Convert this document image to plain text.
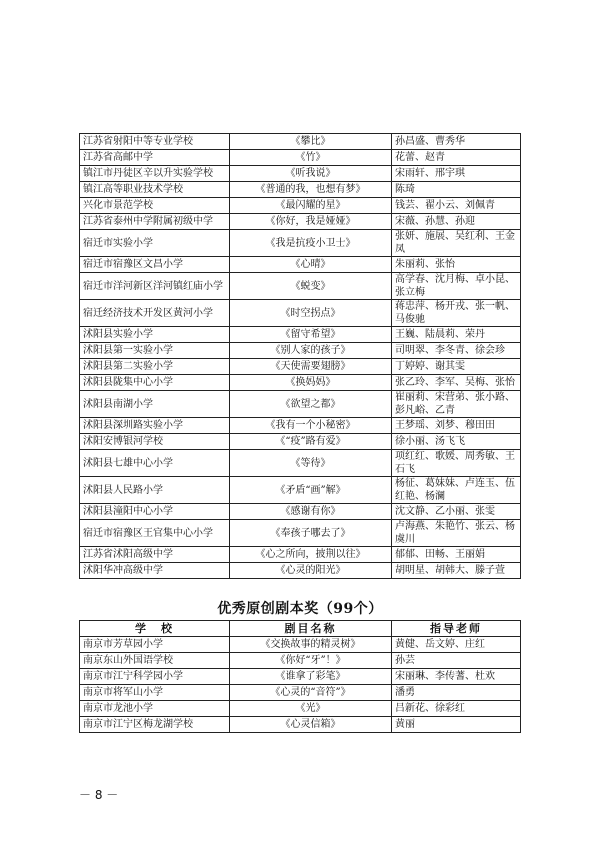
江苏省射阳中等专业学校	《攀比》	孙昌盛、曹秀华
江苏省高邮中学	《竹》	花蕾、赵青
镇江市丹徒区辛以升实验学校	《听我说》	宋雨轩、邢宇琪
镇江高等职业技术学校	《普通的我，也想有梦》	陈琦
兴化市景范学校	《最闪耀的星》	钱芸、翟小云、刘佩青
江苏省泰州中学附属初级中学	《你好，我是娅娅》	宋薇、孙慧、孙迎
宿迁市实验小学	《我是抗疫小卫士》	张妍、施展、吴红利、王金凤
宿迁市宿豫区文昌小学	《心晴》	朱丽莉、张怡
宿迁市洋河新区洋河镇红庙小学	《蜕变》	高学春、沈月梅、卓小昆、张立梅
宿迁经济技术开发区黄河小学	《时空拐点》	蒋忠萍、杨开戎、张一帆、马俊驰
沭阳县实验小学	《留守希望》	王巍、陆晨莉、荣丹
沭阳县第一实验小学	《别人家的孩子》	司明翠、李冬青、徐会珍
沭阳县第二实验小学	《天使需要翅膀》	丁婷婷、谢其雯
沭阳县陇集中心小学	《换妈妈》	张乙玲、李军、吴梅、张怡
沭阳县南湖小学	《欲望之都》	崔丽莉、宋营弟、张小路、彭凡峪、乙青
沭阳县深圳路实验小学	《我有一个小秘密》	王梦瑶、刘梦、穆田田
沭阳安博银河学校	《“疫”路有爱》	徐小丽、汤飞飞
沭阳县七雄中心小学	《等待》	项红红、歌媛、周秀敏、王石飞
沭阳县人民路小学	《矛盾“画”解》	杨征、葛妹妹、卢连玉、伍红艳、杨澜
沭阳县潼阳中心小学	《感谢有你》	沈文静、乙小丽、张雯
宿迁市宿豫区王官集中心小学	《奉孩子哪去了》	卢海燕、朱艳竹、张云、杨虞川
江苏省沭阳高级中学	《心之所向，披荆以往》	郁郁、田畅、王丽娟
沭阳华冲高级中学	《心灵的阳光》	胡明星、胡韩大、滕子萱
优秀原创剧本奖（99个）
学　校	剧目名称	指导老师
南京市芳草园小学	《交换故事的精灵树》	黄健、岳文婷、庄红
南京东山外国语学校	《你好“牙”！》	孙芸
南京市江宁科学园小学	《谁拿了彩笔》	宋丽琳、李传蓍、杜欢
南京市将军山小学	《心灵的“音符”》	潘勇
南京市龙池小学	《光》	吕新花、徐彩红
南京市江宁区梅龙湖学校	《心灵信箱》	黄丽
－ 8 －
